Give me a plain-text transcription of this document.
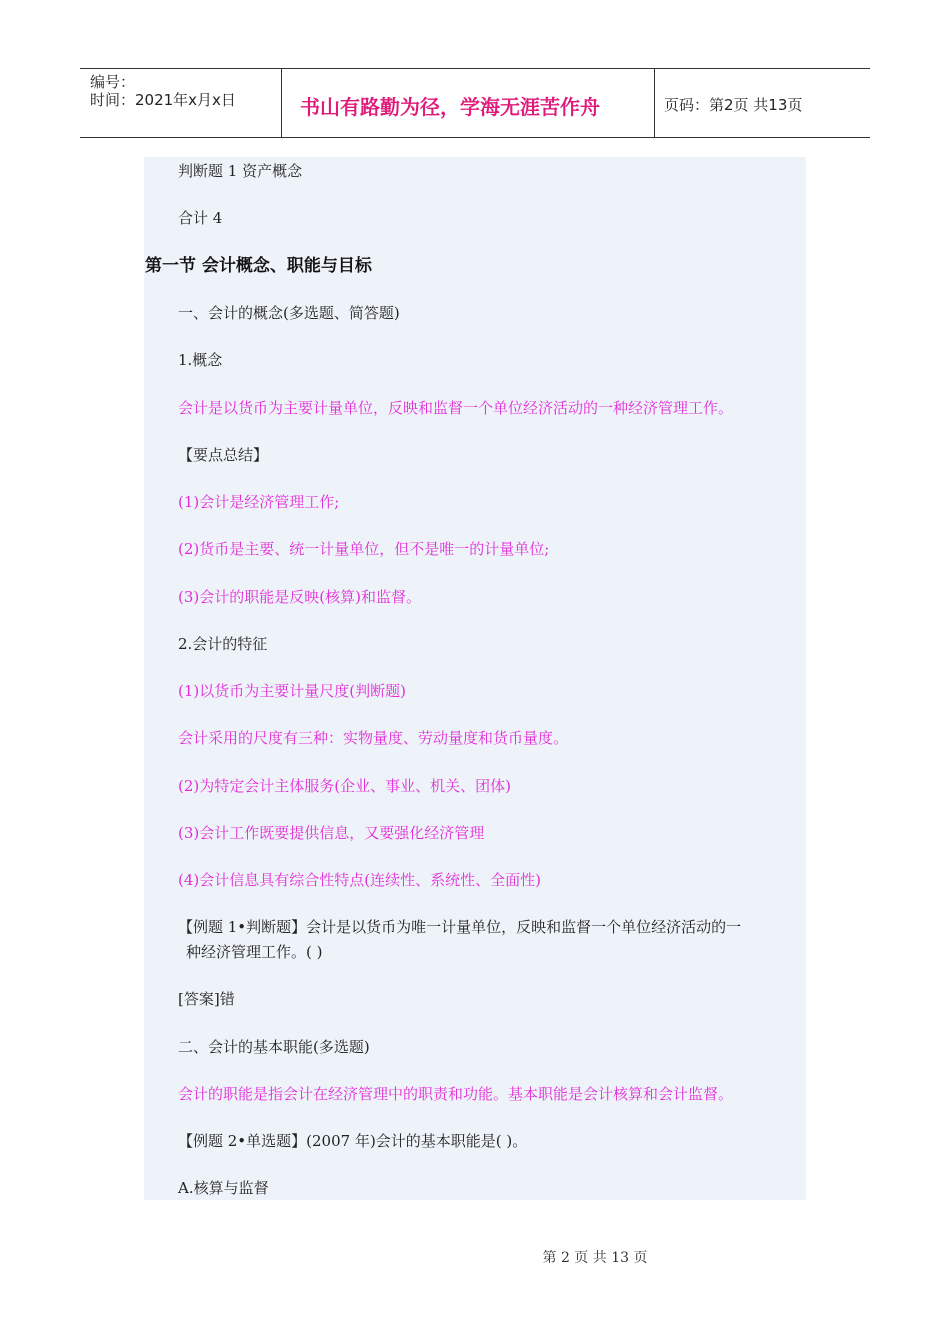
编号：
时间：2021年x月x日	书山有路勤为径，学海无涯苦作舟	页码：第2页 共13页
判断题 1 资产概念
合计 4
第一节 会计概念、职能与目标
一、会计的概念(多选题、简答题)
1.概念
会计是以货币为主要计量单位，反映和监督一个单位经济活动的一种经济管理工作。
【要点总结】
(1)会计是经济管理工作;
(2)货币是主要、统一计量单位，但不是唯一的计量单位;
(3)会计的职能是反映(核算)和监督。
2.会计的特征
(1)以货币为主要计量尺度(判断题)
会计采用的尺度有三种：实物量度、劳动量度和货币量度。
(2)为特定会计主体服务(企业、事业、机关、团体)
(3)会计工作既要提供信息，又要强化经济管理
(4)会计信息具有综合性特点(连续性、系统性、全面性)
【例题 1•判断题】会计是以货币为唯一计量单位，反映和监督一个单位经济活动的一
种经济管理工作。( )
[答案]错
二、会计的基本职能(多选题)
会计的职能是指会计在经济管理中的职责和功能。基本职能是会计核算和会计监督。
【例题 2•单选题】(2007 年)会计的基本职能是( )。
A.核算与监督
第 2 页 共 13 页
